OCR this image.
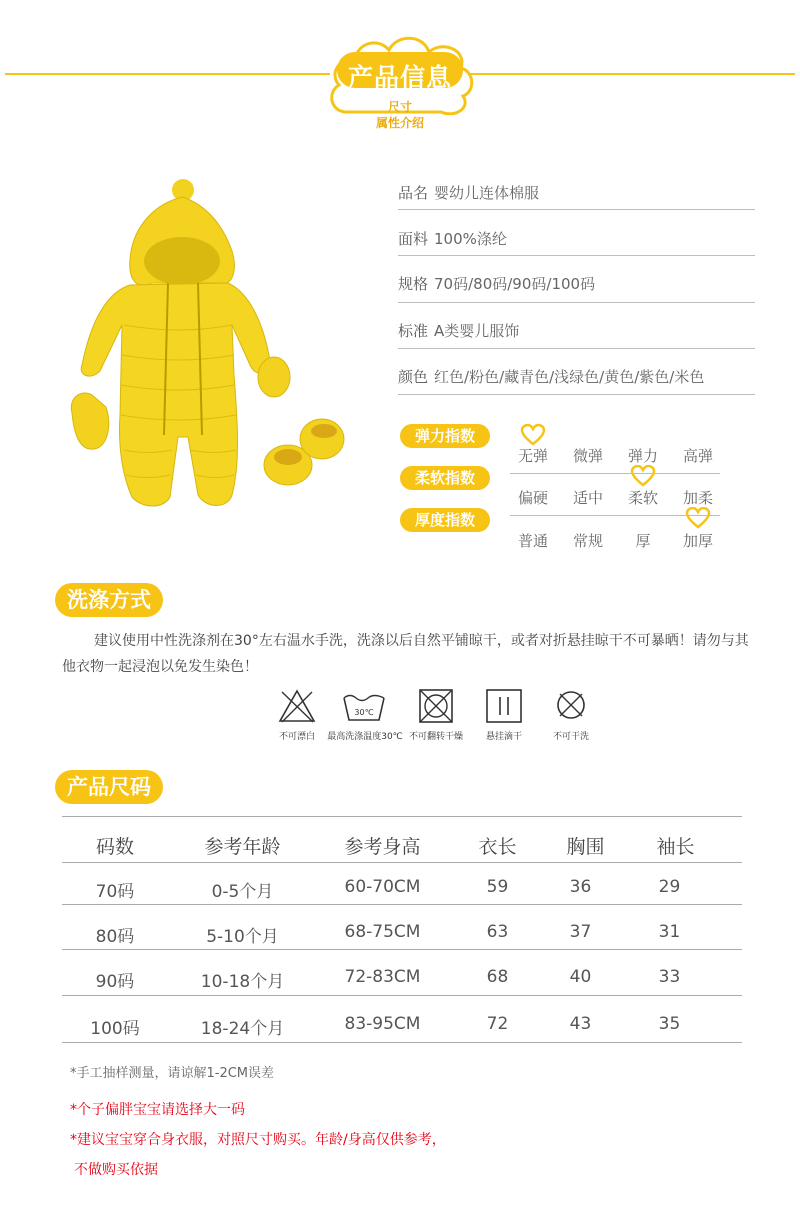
产品信息
尺寸
属性介绍
品名 婴幼儿连体棉服
面料 100%涤纶
规格 70码/80码/90码/100码
标准 A类婴儿服饰
颜色 红色/粉色/藏青色/浅绿色/黄色/紫色/米色
弹力指数
柔软指数
厚度指数
无弹	微弹	弹力	高弹
偏硬	适中	柔软	加柔
普通	常规	厚	加厚
洗涤方式
建议使用中性洗涤剂在30°左右温水手洗，洗涤以后自然平铺晾干，或者对折悬挂晾干不可暴晒！请勿与其他衣物一起浸泡以免发生染色！
30℃
不可漂白	最高洗涤温度30℃ 不可翻转干燥	悬挂滴干	不可干洗
产品尺码
码数	参考年龄	参考身高	衣长	胸围	袖长
70码	0-5个月	60-70CM	59	36	29
80码	5-10个月	68-75CM	63	37	31
90码	10-18个月	72-83CM	68	40	33
100码	18-24个月	83-95CM	72	43	35
*手工抽样测量，请谅解1-2CM误差
*个子偏胖宝宝请选择大一码
*建议宝宝穿合身衣服，对照尺寸购买。年龄/身高仅供参考，
不做购买依据
